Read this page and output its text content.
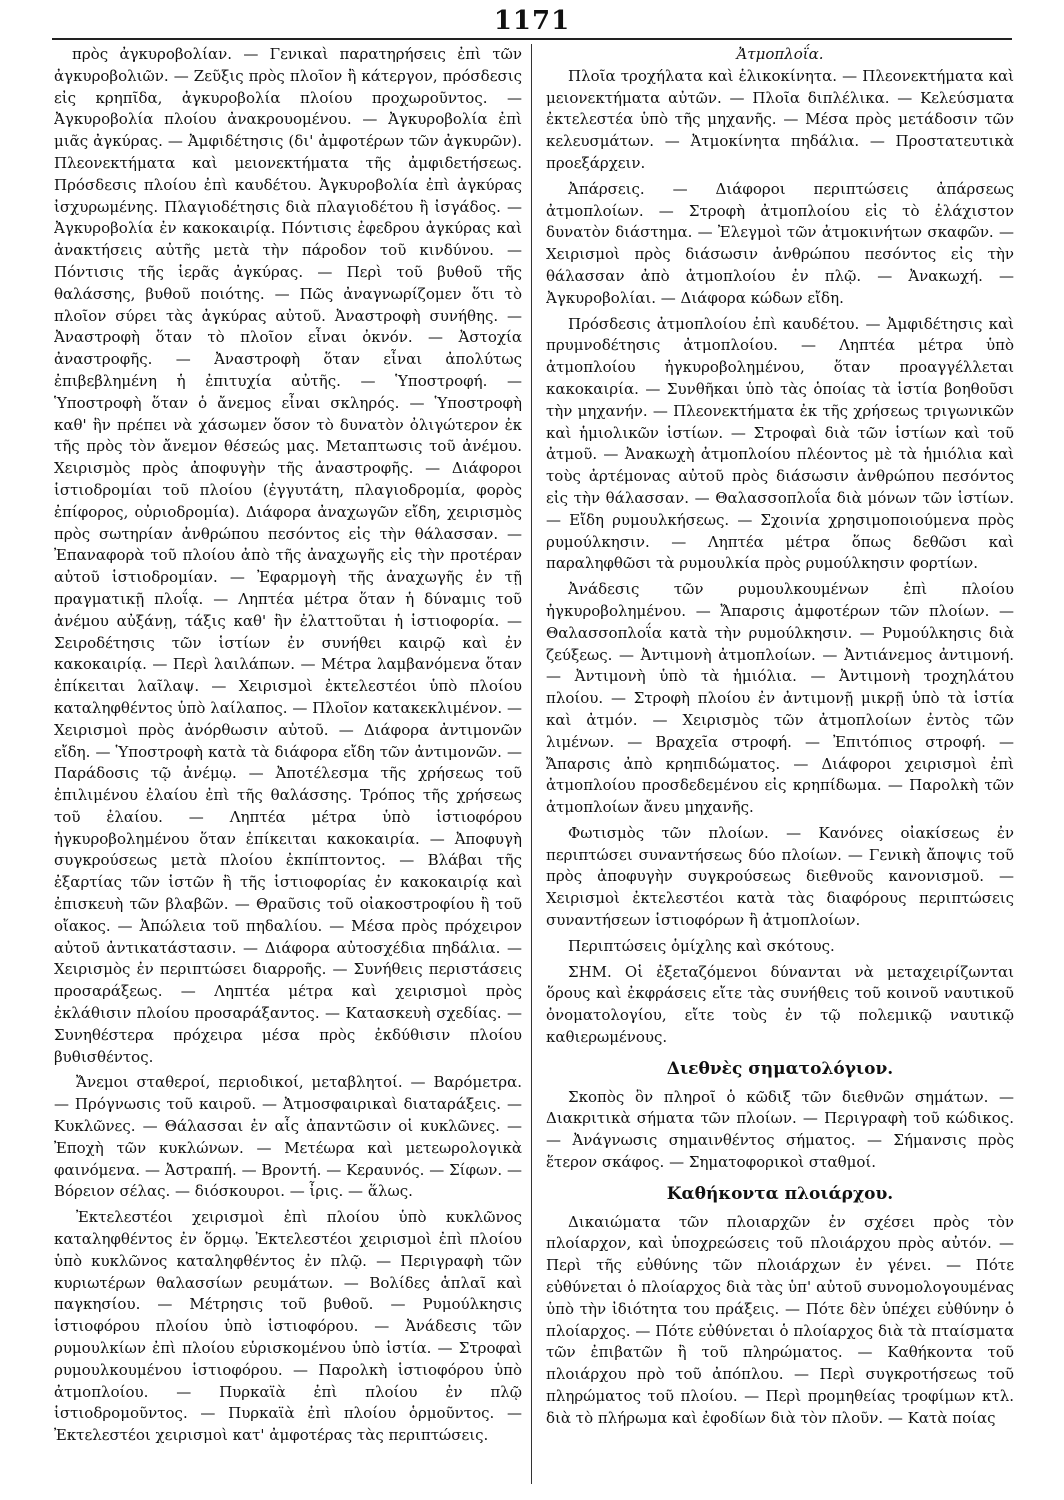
1171

πρὸς ἀγκυροβολίαν. — Γενικαὶ παρατηρήσεις ἐπὶ τῶν ἀγκυροβολιῶν. — Ζεῦξις πρὸς πλοῖον ἢ κάτεργον, πρόσδεσις εἰς κρηπῖδα, ἀγκυροβολία πλοίου προχωροῦντος. — Ἀγκυροβολία πλοίου ἀνακρουομένου. — Ἀγκυροβολία ἐπὶ μιᾶς ἀγκύρας. — Ἀμφιδέτησις (δι' ἀμφοτέρων τῶν ἀγκυρῶν). Πλεονεκτήματα καὶ μειονεκτήματα τῆς ἀμφιδετήσεως. Πρόσδεσις πλοίου ἐπὶ καυδέτου. Ἀγκυροβολία ἐπὶ ἀγκύρας ἰσχυρωμένης. Πλαγιοδέτησις διὰ πλαγιοδέτου ἢ ἰσγάδος. — Ἀγκυροβολία ἐν κακοκαιρίᾳ. Πόντισις ἐφεδρου ἀγκύρας καὶ ἀνακτήσεις αὐτῆς μετὰ τὴν πάροδον τοῦ κινδύνου. — Πόντισις τῆς ἱερᾶς ἀγκύρας. — Περὶ τοῦ βυθοῦ τῆς θαλάσσης, βυθοῦ ποιότης. — Πῶς ἀναγνωρίζομεν ὅτι τὸ πλοῖον σύρει τὰς ἀγκύρας αὐτοῦ. Ἀναστροφὴ συνήθης. — Ἀναστροφὴ ὅταν τὸ πλοῖον εἶναι ὀκνόν. — Ἀστοχία ἀναστροφῆς. — Ἀναστροφὴ ὅταν εἶναι ἀπολύτως ἐπιβεβλημένη ἡ ἐπιτυχία αὐτῆς. — Ὑποστροφή. — Ὑποστροφὴ ὅταν ὁ ἄνεμος εἶναι σκληρός. — Ὑποστροφὴ καθ' ἣν πρέπει νὰ χάσωμεν ὅσον τὸ δυνατὸν ὀλιγώτερον ἐκ τῆς πρὸς τὸν ἄνεμον θέσεώς μας. Μεταπτωσις τοῦ ἀνέμου. Χειρισμὸς πρὸς ἀποφυγὴν τῆς ἀναστροφῆς. — Διάφοροι ἱστιοδρομίαι τοῦ πλοίου (ἐγγυτάτη, πλαγιοδρομία, φορὸς ἐπίφορος, οὐριοδρομία). Διάφορα ἀναχωγῶν εἴδη, χειρισμὸς πρὸς σωτηρίαν ἀνθρώπου πεσόντος εἰς τὴν θάλασσαν. — Ἐπαναφορὰ τοῦ πλοίου ἀπὸ τῆς ἀναχωγῆς εἰς τὴν προτέραν αὐτοῦ ἱστιοδρομίαν. — Ἐφαρμογὴ τῆς ἀναχωγῆς ἐν τῇ πραγματικῇ πλοΐᾳ. — Ληπτέα μέτρα ὅταν ἡ δύναμις τοῦ ἀνέμου αὐξάνῃ, τάξις καθ' ἣν ἐλαττοῦται ἡ ἱστιοφορία. — Σειροδέτησις τῶν ἱστίων ἐν συνήθει καιρῷ καὶ ἐν κακοκαιρίᾳ. — Περὶ λαιλάπων. — Μέτρα λαμβανόμενα ὅταν ἐπίκειται λαῖλαψ. — Χειρισμοὶ ἐκτελεστέοι ὑπὸ πλοίου καταληφθέντος ὑπὸ λαίλαπος. — Πλοῖον κατακεκλιμένον. — Χειρισμοὶ πρὸς ἀνόρθωσιν αὐτοῦ. — Διάφορα ἀντιμονῶν εἴδη. — Ὑποστροφὴ κατὰ τὰ διάφορα εἴδη τῶν ἀντιμονῶν. — Παράδοσις τῷ ἀνέμῳ. — Ἀποτέλεσμα τῆς χρήσεως τοῦ ἐπιλιμένου ἐλαίου ἐπὶ τῆς θαλάσσης. Τρόπος τῆς χρήσεως τοῦ ἐλαίου. — Ληπτέα μέτρα ὑπὸ ἱστιοφόρου ἠγκυροβολημένου ὅταν ἐπίκειται κακοκαιρία. — Ἀποφυγὴ συγκρούσεως μετὰ πλοίου ἐκπίπτοντος. — Βλάβαι τῆς ἐξαρτίας τῶν ἱστῶν ἢ τῆς ἱστιοφορίας ἐν κακοκαιρίᾳ καὶ ἐπισκευὴ τῶν βλαβῶν. — Θραῦσις τοῦ οἰακοστροφίου ἢ τοῦ οἴακος. — Ἀπώλεια τοῦ πηδαλίου. — Μέσα πρὸς πρόχειρον αὐτοῦ ἀντικατάστασιν. — Διάφορα αὐτοσχέδια πηδάλια. — Χειρισμὸς ἐν περιπτώσει διαρροῆς. — Συνήθεις περιστάσεις προσαράξεως. — Ληπτέα μέτρα καὶ χειρισμοὶ πρὸς ἐκλάθισιν πλοίου προσαράξαντος. — Κατασκευὴ σχεδίας. — Συνηθέστερα πρόχειρα μέσα πρὸς ἐκδύθισιν πλοίου βυθισθέντος.

Ἄνεμοι σταθεροί, περιοδικοί, μεταβλητοί. — Βαρόμετρα. — Πρόγνωσις τοῦ καιροῦ. — Ἀτμοσφαιρικαὶ διαταράξεις. — Κυκλῶνες. — Θάλασσαι ἐν αἷς ἀπαντῶσιν οἱ κυκλῶνες. — Ἐποχὴ τῶν κυκλώνων. — Μετέωρα καὶ μετεωρολογικὰ φαινόμενα. — Ἀστραπή. — Βροντή. — Κεραυνός. — Σίφων. — Βόρειον σέλας. — διόσκουροι. — ἶρις. — ἅλως.

Ἐκτελεστέοι χειρισμοὶ ἐπὶ πλοίου ὑπὸ κυκλῶνος καταληφθέντος ἐν ὅρμῳ. Ἐκτελεστέοι χειρισμοὶ ἐπὶ πλοίου ὑπὸ κυκλῶνος καταληφθέντος ἐν πλῷ. — Περιγραφὴ τῶν κυριωτέρων θαλασσίων ρευμάτων. — Βολίδες ἁπλαῖ καὶ παγκησίου. — Μέτρησις τοῦ βυθοῦ. — Ρυμούλκησις ἱστιοφόρου πλοίου ὑπὸ ἱστιοφόρου. — Ἀνάδεσις τῶν ρυμουλκίων ἐπὶ πλοίου εὑρισκομένου ὑπὸ ἱστία. — Στροφαὶ ρυμουλκουμένου ἱστιοφόρου. — Παρολκὴ ἱστιοφόρου ὑπὸ ἀτμοπλοίου. — Πυρκαϊὰ ἐπὶ πλοίου ἐν πλῷ ἱστιοδρομοῦντος. — Πυρκαϊὰ ἐπὶ πλοίου ὁρμοῦντος. — Ἐκτελεστέοι χειρισμοὶ κατ' ἀμφοτέρας τὰς περιπτώσεις.

Ἀτμοπλοΐα.

Πλοῖα τροχήλατα καὶ ἑλικοκίνητα. — Πλεονεκτήματα καὶ μειονεκτήματα αὐτῶν. — Πλοῖα διπλέλικα. — Κελεύσματα ἐκτελεστέα ὑπὸ τῆς μηχανῆς. — Μέσα πρὸς μετάδοσιν τῶν κελευσμάτων. — Ἀτμοκίνητα πηδάλια. — Προστατευτικὰ προεξάρχειν.

Ἀπάρσεις. — Διάφοροι περιπτώσεις ἀπάρσεως ἀτμοπλοίων. — Στροφὴ ἀτμοπλοίου εἰς τὸ ἐλάχιστον δυνατὸν διάστημα. — Ἐλεγμοὶ τῶν ἀτμοκινήτων σκαφῶν. — Χειρισμοὶ πρὸς διάσωσιν ἀνθρώπου πεσόντος εἰς τὴν θάλασσαν ἀπὸ ἀτμοπλοίου ἐν πλῷ. — Ἀνακωχή. — Ἀγκυροβολίαι. — Διάφορα κώδων εἴδη.

Πρόσδεσις ἀτμοπλοίου ἐπὶ καυδέτου. — Ἀμφιδέτησις καὶ πρυμνοδέτησις ἀτμοπλοίου. — Ληπτέα μέτρα ὑπὸ ἀτμοπλοίου ἠγκυροβολημένου, ὅταν προαγγέλλεται κακοκαιρία. — Συνθῆκαι ὑπὸ τὰς ὁποίας τὰ ἱστία βοηθοῦσι τὴν μηχανήν. — Πλεονεκτήματα ἐκ τῆς χρήσεως τριγωνικῶν καὶ ἡμιολικῶν ἱστίων. — Στροφαὶ διὰ τῶν ἱστίων καὶ τοῦ ἀτμοῦ. — Ἀνακωχὴ ἀτμοπλοίου πλέοντος μὲ τὰ ἡμιόλια καὶ τοὺς ἀρτέμονας αὐτοῦ πρὸς διάσωσιν ἀνθρώπου πεσόντος εἰς τὴν θάλασσαν. — Θαλασσοπλοΐα διὰ μόνων τῶν ἱστίων. — Εἴδη ρυμουλκήσεως. — Σχοινία χρησιμοποιούμενα πρὸς ρυμούλκησιν. — Ληπτέα μέτρα ὅπως δεθῶσι καὶ παραληφθῶσι τὰ ρυμουλκία πρὸς ρυμούλκησιν φορτίων.

Ἀνάδεσις τῶν ρυμουλκουμένων ἐπὶ πλοίου ἠγκυροβολημένου. — Ἄπαρσις ἀμφοτέρων τῶν πλοίων. — Θαλασσοπλοΐα κατὰ τὴν ρυμούλκησιν. — Ρυμούλκησις διὰ ζεύξεως. — Ἀντιμονὴ ἀτμοπλοίων. — Ἀντιάνεμος ἀντιμονή. — Ἀντιμονὴ ὑπὸ τὰ ἡμιόλια. — Ἀντιμονὴ τροχηλάτου πλοίου. — Στροφὴ πλοίου ἐν ἀντιμονῇ μικρῇ ὑπὸ τὰ ἱστία καὶ ἀτμόν. — Χειρισμὸς τῶν ἀτμοπλοίων ἐντὸς τῶν λιμένων. — Βραχεῖα στροφή. — Ἐπιτόπιος στροφή. — Ἄπαρσις ἀπὸ κρηπιδώματος. — Διάφοροι χειρισμοὶ ἐπὶ ἀτμοπλοίου προσδεδεμένου εἰς κρηπίδωμα. — Παρολκὴ τῶν ἀτμοπλοίων ἄνευ μηχανῆς.

Φωτισμὸς τῶν πλοίων. — Κανόνες οἰακίσεως ἐν περιπτώσει συναντήσεως δύο πλοίων. — Γενικὴ ἄποψις τοῦ πρὸς ἀποφυγὴν συγκρούσεως διεθνοῦς κανονισμοῦ. — Χειρισμοὶ ἐκτελεστέοι κατὰ τὰς διαφόρους περιπτώσεις συναντήσεων ἱστιοφόρων ἢ ἀτμοπλοίων.

Περιπτώσεις ὁμίχλης καὶ σκότους.

ΣΗΜ. Οἱ ἐξεταζόμενοι δύνανται νὰ μεταχειρίζωνται ὅρους καὶ ἐκφράσεις εἴτε τὰς συνήθεις τοῦ κοινοῦ ναυτικοῦ ὀνοματολογίου, εἴτε τοὺς ἐν τῷ πολεμικῷ ναυτικῷ καθιερωμένους.

Διεθνὲς σηματολόγιον.

Σκοπὸς ὃν πληροῖ ὁ κῶδιξ τῶν διεθνῶν σημάτων. — Διακριτικὰ σήματα τῶν πλοίων. — Περιγραφὴ τοῦ κώδικος. — Ἀνάγνωσις σημαινθέντος σήματος. — Σήμανσις πρὸς ἕτερον σκάφος. — Σηματοφορικοὶ σταθμοί.

Καθήκοντα πλοιάρχου.

Δικαιώματα τῶν πλοιαρχῶν ἐν σχέσει πρὸς τὸν πλοίαρχον, καὶ ὑποχρεώσεις τοῦ πλοιάρχου πρὸς αὐτόν. — Περὶ τῆς εὐθύνης τῶν πλοιάρχων ἐν γένει. — Πότε εὐθύνεται ὁ πλοίαρχος διὰ τὰς ὑπ' αὐτοῦ συνομολογουμένας ὑπὸ τὴν ἰδιότητα του πράξεις. — Πότε δὲν ὑπέχει εὐθύνην ὁ πλοίαρχος. — Πότε εὐθύνεται ὁ πλοίαρχος διὰ τὰ πταίσματα τῶν ἐπιβατῶν ἢ τοῦ πληρώματος. — Καθήκοντα τοῦ πλοιάρχου πρὸ τοῦ ἀπόπλου. — Περὶ συγκροτήσεως τοῦ πληρώματος τοῦ πλοίου. — Περὶ προμηθείας τροφίμων κτλ. διὰ τὸ πλήρωμα καὶ ἐφοδίων διὰ τὸν πλοῦν. — Κατὰ ποίας
